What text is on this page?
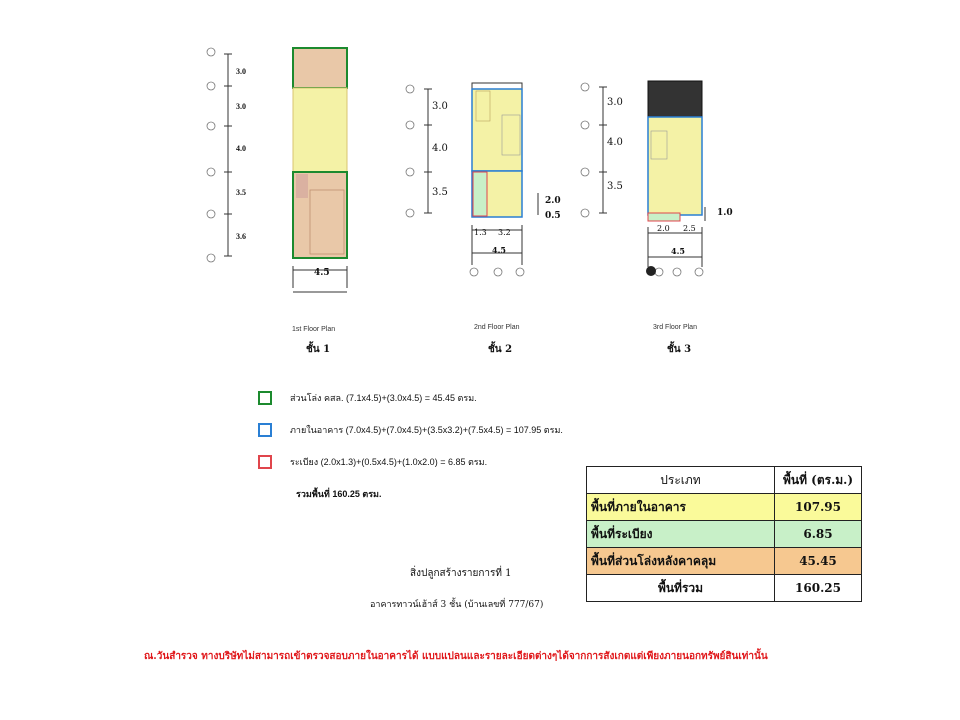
3.0
3.0
4.0
3.5
3.6
4.5
1st Floor Plan
ชั้น 1
3.0
4.0
3.5
2.0
0.5
1.3 3.2
4.5
2nd Floor Plan
ชั้น 2
3.0
4.0
3.5
1.0
2.0 2.5
4.5
3rd Floor Plan
ชั้น 3
ส่วนโล่ง คสล. (7.1x4.5)+(3.0x4.5) = 45.45 ตรม.
ภายในอาคาร (7.0x4.5)+(7.0x4.5)+(3.5x3.2)+(7.5x4.5) = 107.95 ตรม.
ระเบียง (2.0x1.3)+(0.5x4.5)+(1.0x2.0) = 6.85 ตรม.
รวมพื้นที่ 160.25 ตรม.
ประเภท	พื้นที่ (ตร.ม.)
พื้นที่ภายในอาคาร	107.95
พื้นที่ระเบียง	6.85
พื้นที่ส่วนโล่งหลังคาคลุม	45.45
พื้นที่รวม	160.25
สิ่งปลูกสร้างรายการที่ 1
อาคารทาวน์เฮ้าส์ 3 ชั้น (บ้านเลขที่ 777/67)
ณ.วันสำรวจ ทางบริษัทไม่สามารถเข้าตรวจสอบภายในอาคารได้ แบบแปลนและรายละเอียดต่างๆได้จากการสังเกตแต่เพียงภายนอกทรัพย์สินเท่านั้น
